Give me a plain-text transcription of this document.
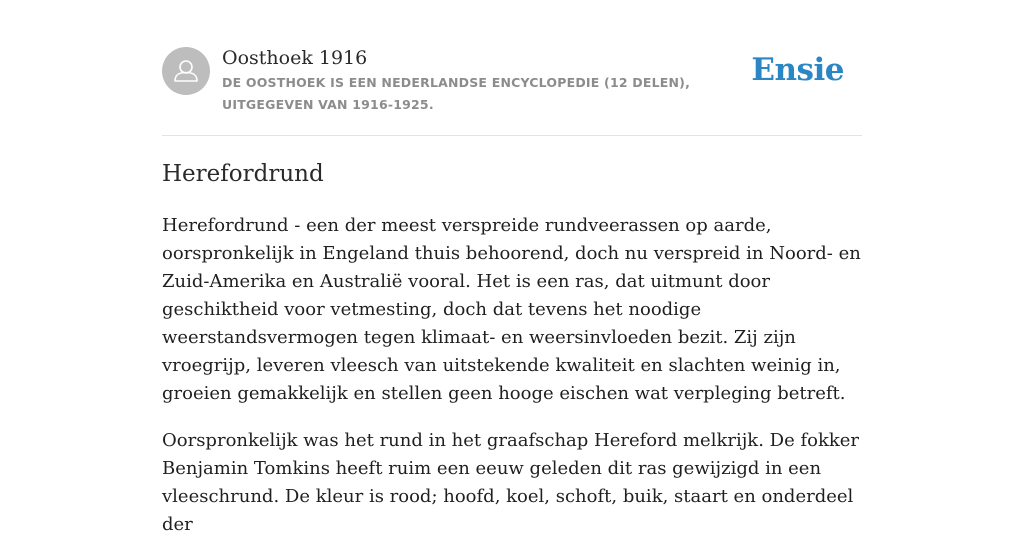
Oosthoek 1916
DE OOSTHOEK IS EEN NEDERLANDSE ENCYCLOPEDIE (12 DELEN), UITGEGEVEN VAN 1916-1925.
Ensie
Herefordrund

Herefordrund - een der meest verspreide rundveerassen op aarde, oorspronkelijk in Engeland thuis behoorend, doch nu verspreid in Noord- en Zuid-Amerika en Australië vooral. Het is een ras, dat uitmunt door geschiktheid voor vetmesting, doch dat tevens het noodige weerstandsvermogen tegen klimaat- en weersinvloeden bezit. Zij zijn vroegrijp, leveren vleesch van uitstekende kwaliteit en slachten weinig in, groeien gemakkelijk en stellen geen hooge eischen wat verpleging betreft.

Oorspronkelijk was het rund in het graafschap Hereford melkrijk. De fokker Benjamin Tomkins heeft ruim een eeuw geleden dit ras gewijzigd in een vleeschrund. De kleur is rood; hoofd, koel, schoft, buik, staart en onderdeel der
